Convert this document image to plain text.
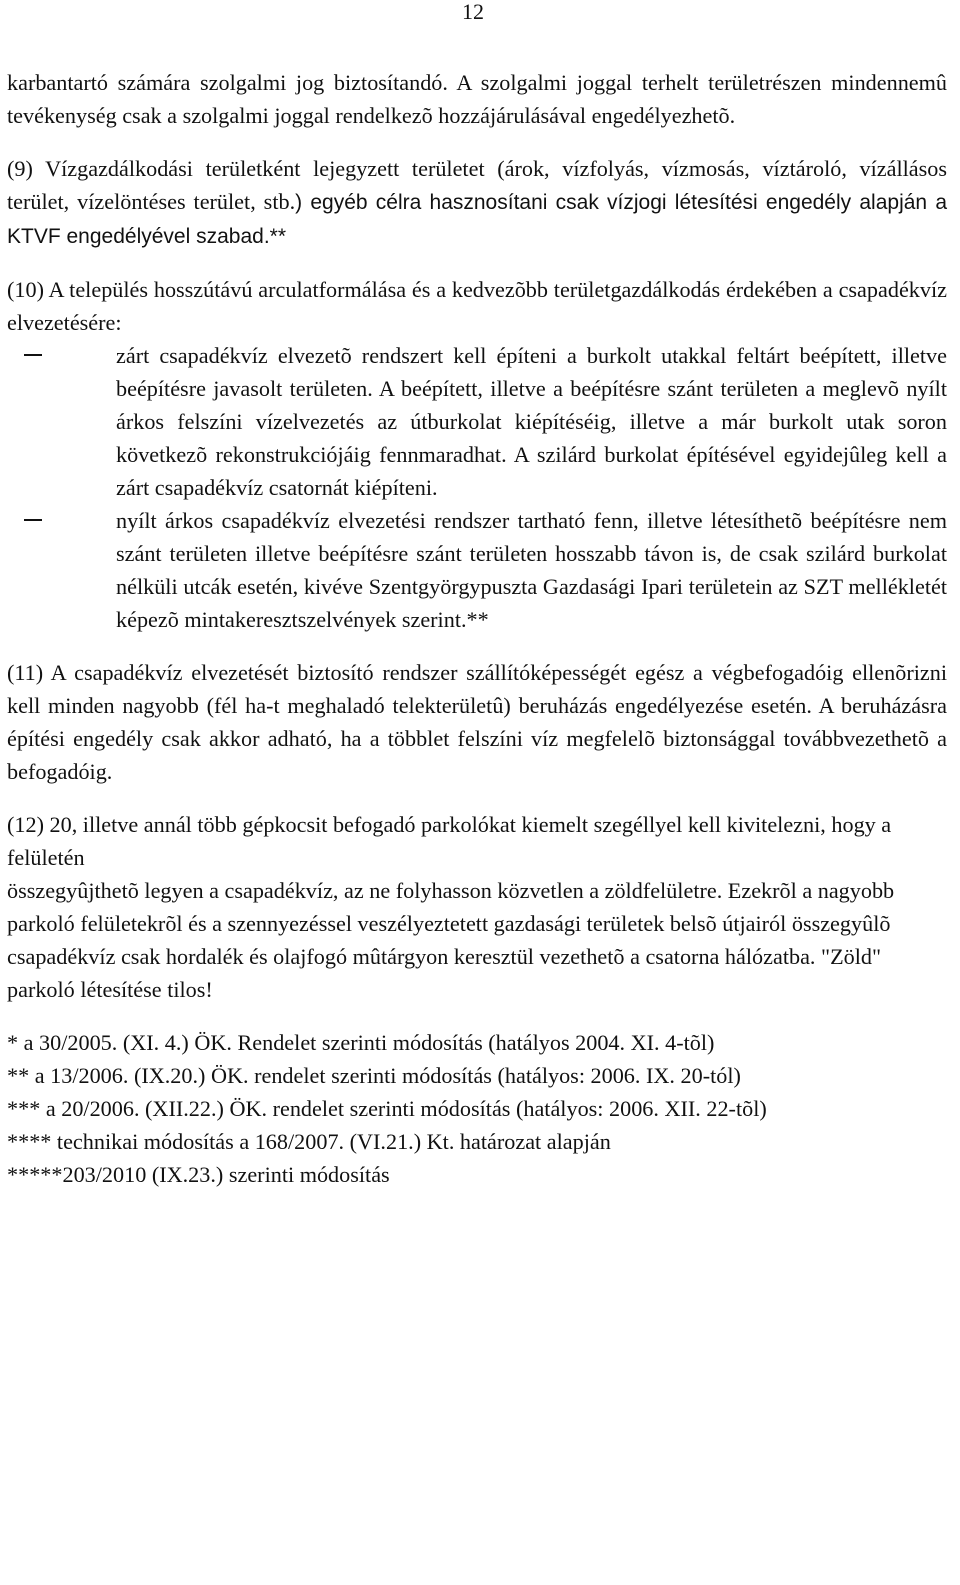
12

karbantartó számára szolgalmi jog biztosítandó. A szolgalmi joggal terhelt területrészen mindennemû tevékenység csak a szolgalmi joggal rendelkezõ hozzájárulásával engedélyezhetõ.

(9) Vízgazdálkodási területként lejegyzett területet (árok, vízfolyás, vízmosás, víztároló, vízállásos terület, vízelöntéses terület, stb.) egyéb célra hasznosítani csak vízjogi létesítési engedély alapján a KTVF engedélyével szabad.**

(10) A település hosszútávú arculatformálása és a kedvezõbb területgazdálkodás érdekében a csapadékvíz elvezetésére:

zárt csapadékvíz elvezetõ rendszert kell építeni a burkolt utakkal feltárt beépített, illetve beépítésre javasolt területen. A beépített, illetve a beépítésre szánt területen a meglevõ nyílt árkos felszíni vízelvezetés az útburkolat kiépítéséig, illetve a már burkolt utak soron következõ rekonstrukciójáig fennmaradhat. A szilárd burkolat építésével egyidejûleg kell a zárt csapadékvíz csatornát kiépíteni.
nyílt árkos csapadékvíz elvezetési rendszer tartható fenn, illetve létesíthetõ beépítésre nem szánt területen illetve beépítésre szánt területen hosszabb távon is, de csak szilárd burkolat nélküli utcák esetén, kivéve Szentgyörgypuszta Gazdasági Ipari területein az SZT mellékletét képezõ mintakeresztszelvények szerint.**

(11) A csapadékvíz elvezetését biztosító rendszer szállítóképességét egész a végbefogadóig ellenõrizni kell minden nagyobb (fél ha-t meghaladó telekterületû) beruházás engedélyezése esetén. A beruházásra építési engedély csak akkor adható, ha a többlet felszíni víz megfelelõ biztonsággal továbbvezethetõ a befogadóig.

(12) 20, illetve annál több gépkocsit befogadó parkolókat kiemelt szegéllyel kell kivitelezni, hogy a felületén

összegyûjthetõ legyen a csapadékvíz, az ne folyhasson közvetlen a zöldfelületre. Ezekrõl a nagyobb

parkoló felületekrõl és a szennyezéssel veszélyeztetett gazdasági területek belsõ útjairól összegyûlõ

csapadékvíz csak hordalék és olajfogó mûtárgyon keresztül vezethetõ a csatorna hálózatba. "Zöld"

parkoló létesítése tilos!

* a 30/2005. (XI. 4.) ÖK. Rendelet szerinti módosítás (hatályos 2004. XI. 4-tõl)

** a 13/2006. (IX.20.) ÖK. rendelet szerinti módosítás (hatályos: 2006. IX. 20-tól)

*** a 20/2006. (XII.22.) ÖK. rendelet szerinti módosítás (hatályos: 2006. XII. 22-tõl)

**** technikai módosítás a 168/2007. (VI.21.) Kt. határozat alapján

*****203/2010 (IX.23.) szerinti módosítás
